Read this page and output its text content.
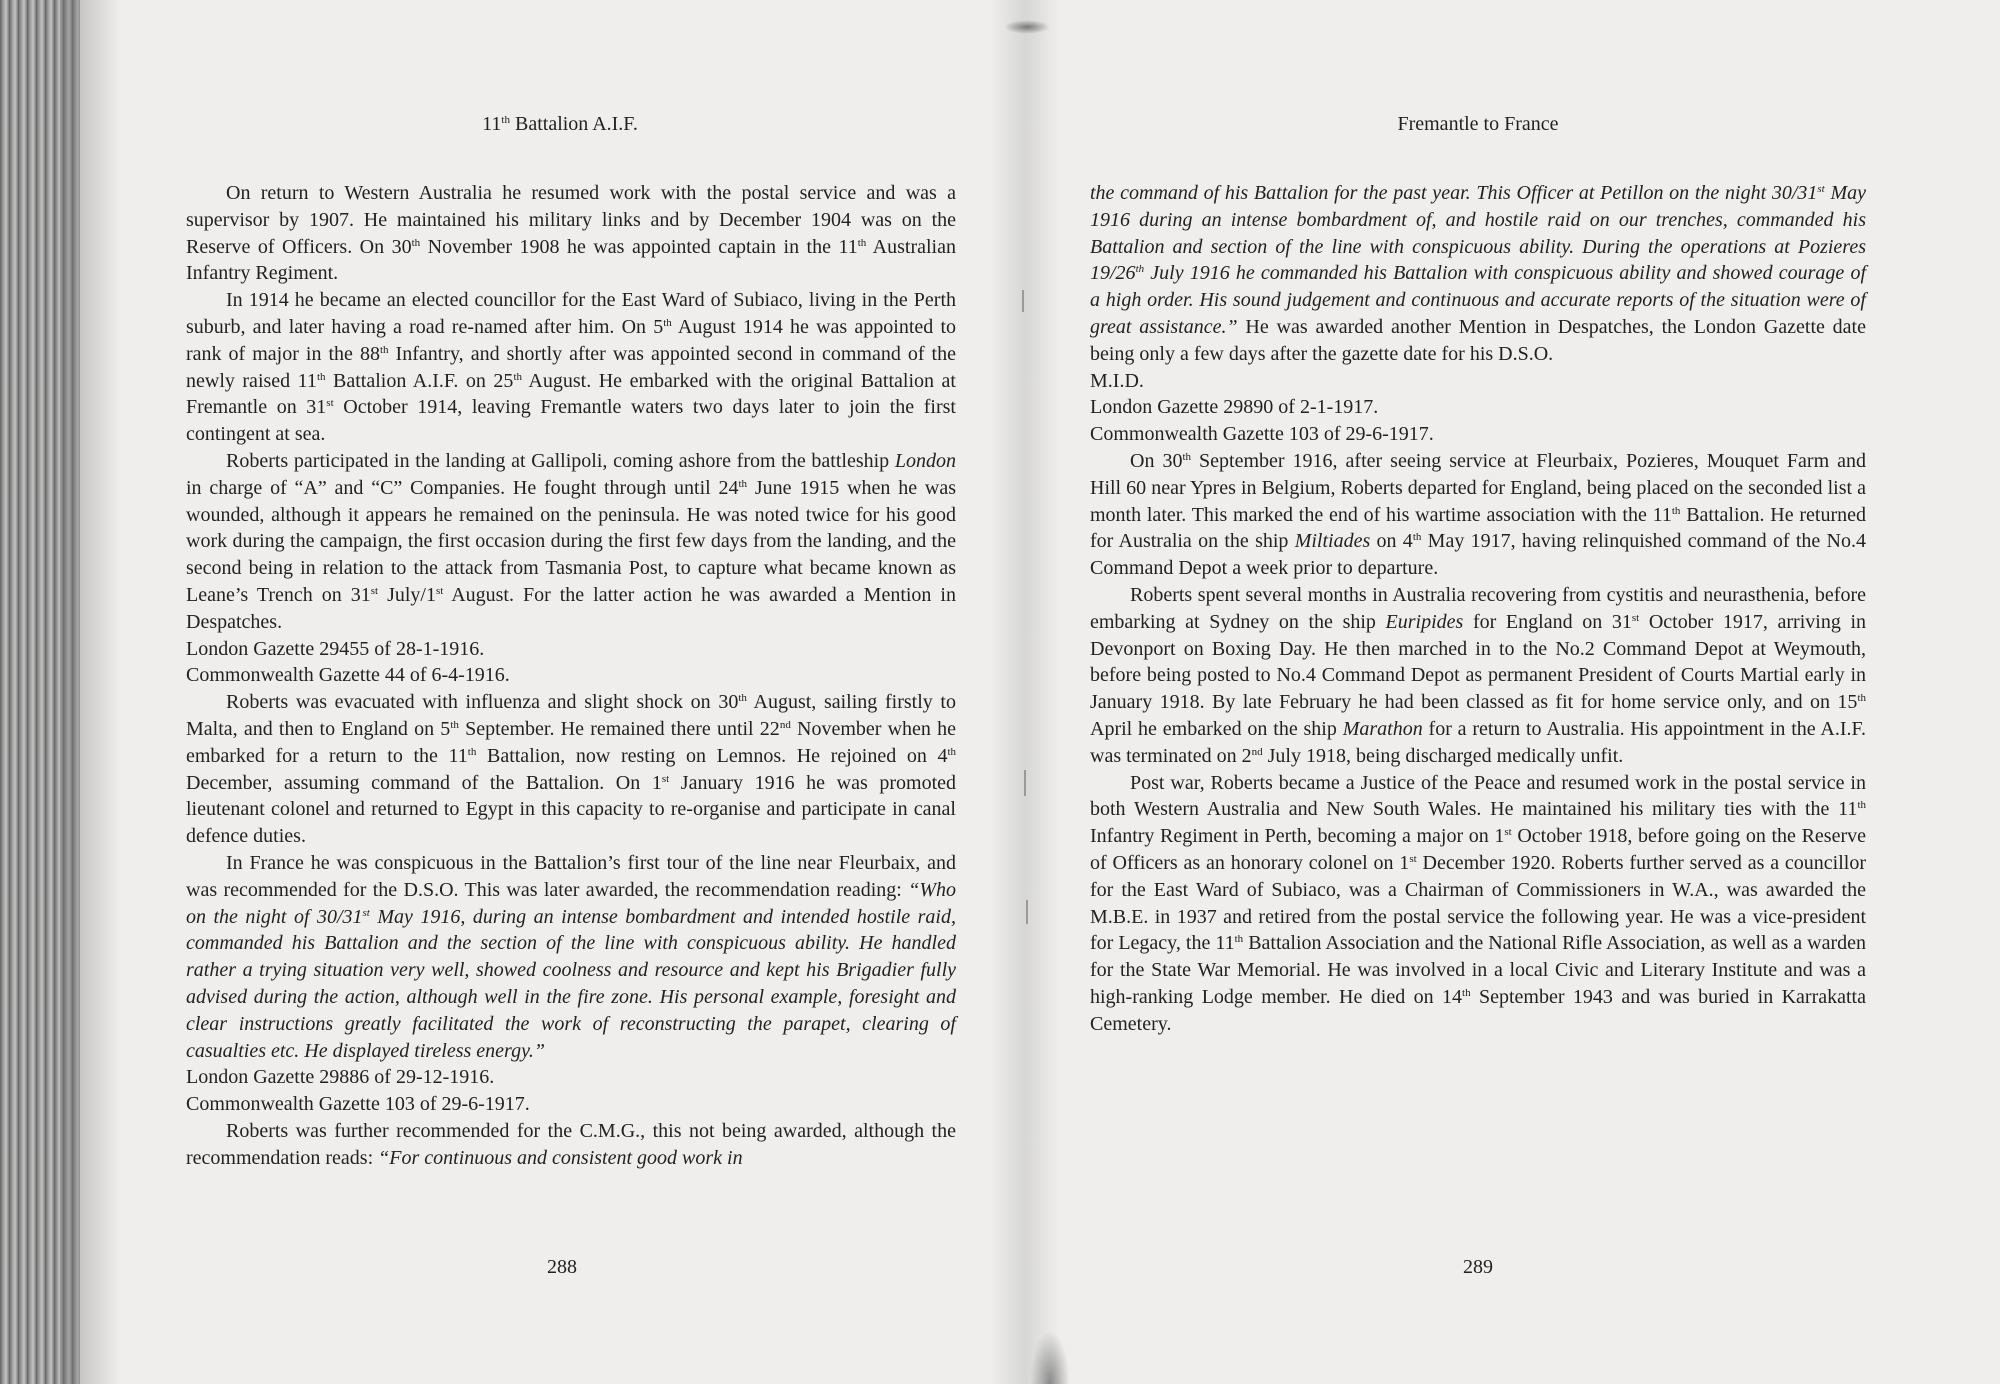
11th Battalion A.I.F.

On return to Western Australia he resumed work with the postal service and was a supervisor by 1907. He maintained his military links and by December 1904 was on the Reserve of Officers. On 30th November 1908 he was appointed captain in the 11th Australian Infantry Regiment.

In 1914 he became an elected councillor for the East Ward of Subiaco, living in the Perth suburb, and later having a road re-named after him. On 5th August 1914 he was appointed to rank of major in the 88th Infantry, and shortly after was appointed second in command of the newly raised 11th Battalion A.I.F. on 25th August. He embarked with the original Battalion at Fremantle on 31st October 1914, leaving Fremantle waters two days later to join the first contingent at sea.

Roberts participated in the landing at Gallipoli, coming ashore from the battleship London in charge of “A” and “C” Companies. He fought through until 24th June 1915 when he was wounded, although it appears he remained on the peninsula. He was noted twice for his good work during the campaign, the first occasion during the first few days from the landing, and the second being in relation to the attack from Tasmania Post, to capture what became known as Leane’s Trench on 31st July/1st August. For the latter action he was awarded a Mention in Despatches.

London Gazette 29455 of 28-1-1916.

Commonwealth Gazette 44 of 6-4-1916.

Roberts was evacuated with influenza and slight shock on 30th August, sailing firstly to Malta, and then to England on 5th September. He remained there until 22nd November when he embarked for a return to the 11th Battalion, now resting on Lemnos. He rejoined on 4th December, assuming command of the Battalion. On 1st January 1916 he was promoted lieutenant colonel and returned to Egypt in this capacity to re-organise and participate in canal defence duties.

In France he was conspicuous in the Battalion’s first tour of the line near Fleurbaix, and was recommended for the D.S.O. This was later awarded, the recommendation reading: “Who on the night of 30/31st May 1916, during an intense bombardment and intended hostile raid, commanded his Battalion and the section of the line with conspicuous ability. He handled rather a trying situation very well, showed coolness and resource and kept his Brigadier fully advised during the action, although well in the fire zone. His personal example, foresight and clear instructions greatly facilitated the work of reconstructing the parapet, clearing of casualties etc. He displayed tireless energy.”

London Gazette 29886 of 29-12-1916.

Commonwealth Gazette 103 of 29-6-1917.

Roberts was further recommended for the C.M.G., this not being awarded, although the recommendation reads: “For continuous and consistent good work in

288
Fremantle to France

the command of his Battalion for the past year. This Officer at Petillon on the night 30/31st May 1916 during an intense bombardment of, and hostile raid on our trenches, commanded his Battalion and section of the line with conspicuous ability. During the operations at Pozieres 19/26th July 1916 he commanded his Battalion with conspicuous ability and showed courage of a high order. His sound judgement and continuous and accurate reports of the situation were of great assistance.” He was awarded another Mention in Despatches, the London Gazette date being only a few days after the gazette date for his D.S.O.

M.I.D.

London Gazette 29890 of 2-1-1917.

Commonwealth Gazette 103 of 29-6-1917.

On 30th September 1916, after seeing service at Fleurbaix, Pozieres, Mouquet Farm and Hill 60 near Ypres in Belgium, Roberts departed for England, being placed on the seconded list a month later. This marked the end of his wartime association with the 11th Battalion. He returned for Australia on the ship Miltiades on 4th May 1917, having relinquished command of the No.4 Command Depot a week prior to departure.

Roberts spent several months in Australia recovering from cystitis and neurasthenia, before embarking at Sydney on the ship Euripides for England on 31st October 1917, arriving in Devonport on Boxing Day. He then marched in to the No.2 Command Depot at Weymouth, before being posted to No.4 Command Depot as permanent President of Courts Martial early in January 1918. By late February he had been classed as fit for home service only, and on 15th April he embarked on the ship Marathon for a return to Australia. His appointment in the A.I.F. was terminated on 2nd July 1918, being discharged medically unfit.

Post war, Roberts became a Justice of the Peace and resumed work in the postal service in both Western Australia and New South Wales. He maintained his military ties with the 11th Infantry Regiment in Perth, becoming a major on 1st October 1918, before going on the Reserve of Officers as an honorary colonel on 1st December 1920. Roberts further served as a councillor for the East Ward of Subiaco, was a Chairman of Commissioners in W.A., was awarded the M.B.E. in 1937 and retired from the postal service the following year. He was a vice-president for Legacy, the 11th Battalion Association and the National Rifle Association, as well as a warden for the State War Memorial. He was involved in a local Civic and Literary Institute and was a high-ranking Lodge member. He died on 14th September 1943 and was buried in Karrakatta Cemetery.

289
